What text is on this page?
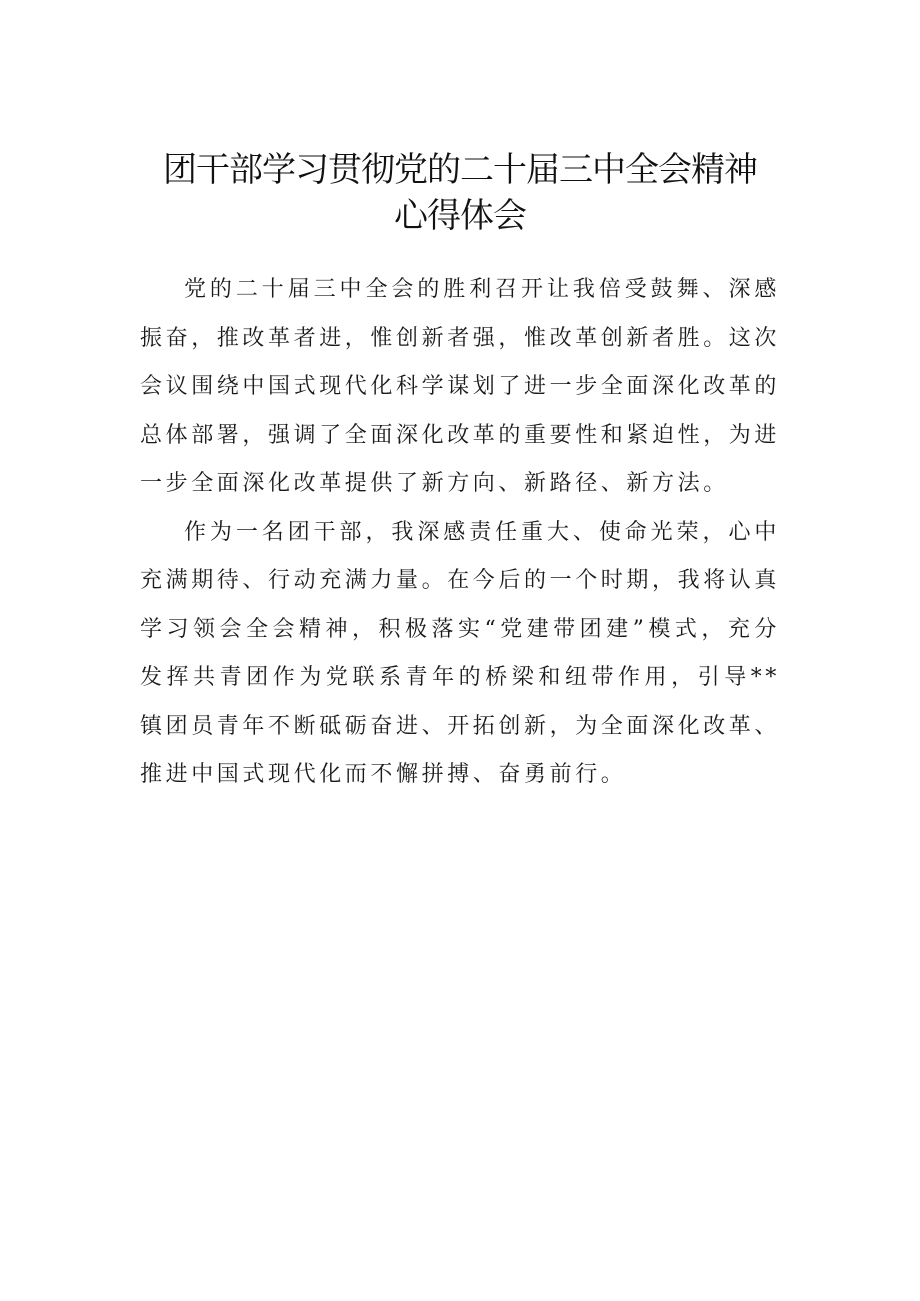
团干部学习贯彻党的二十届三中全会精神
心得体会

党的二十届三中全会的胜利召开让我倍受鼓舞、深感振奋，推改革者进，惟创新者强，惟改革创新者胜。这次会议围绕中国式现代化科学谋划了进一步全面深化改革的总体部署，强调了全面深化改革的重要性和紧迫性，为进一步全面深化改革提供了新方向、新路径、新方法。

作为一名团干部，我深感责任重大、使命光荣，心中充满期待、行动充满力量。在今后的一个时期，我将认真学习领会全会精神，积极落实“党建带团建”模式，充分发挥共青团作为党联系青年的桥梁和纽带作用，引导**镇团员青年不断砥砺奋进、开拓创新，为全面深化改革、推进中国式现代化而不懈拼搏、奋勇前行。
